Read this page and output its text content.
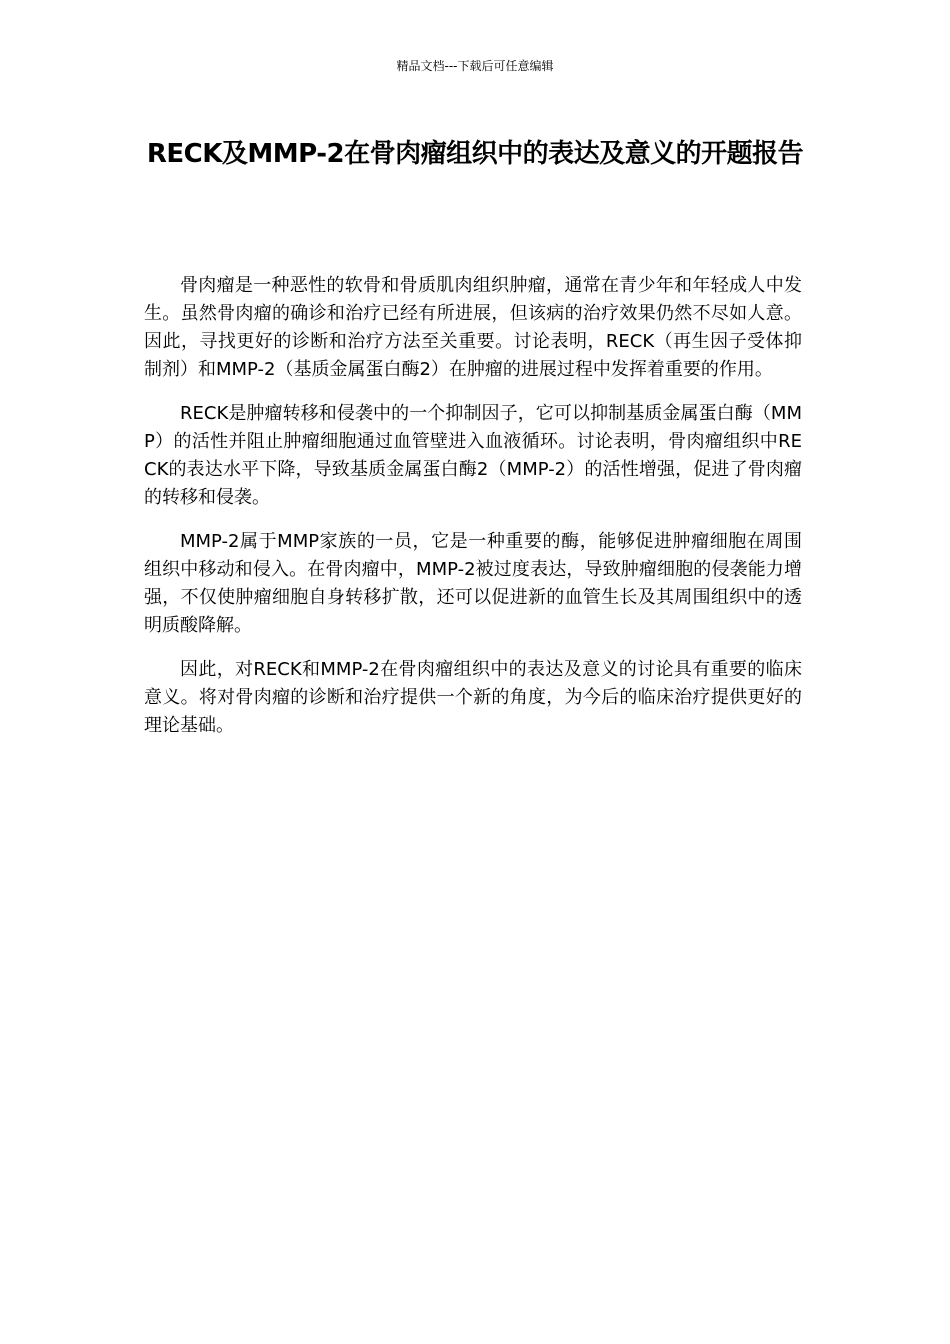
精品文档---下载后可任意编辑
RECK及MMP-2在骨肉瘤组织中的表达及意义的开题报告

骨肉瘤是一种恶性的软骨和骨质肌肉组织肿瘤，通常在青少年和年轻成人中发生。虽然骨肉瘤的确诊和治疗已经有所进展，但该病的治疗效果仍然不尽如人意。因此，寻找更好的诊断和治疗方法至关重要。讨论表明，RECK（再生因子受体抑制剂）和MMP-2（基质金属蛋白酶2）在肿瘤的进展过程中发挥着重要的作用。

RECK是肿瘤转移和侵袭中的一个抑制因子，它可以抑制基质金属蛋白酶（MMP）的活性并阻止肿瘤细胞通过血管壁进入血液循环。讨论表明，骨肉瘤组织中RECK的表达水平下降，导致基质金属蛋白酶2（MMP-2）的活性增强，促进了骨肉瘤的转移和侵袭。

MMP-2属于MMP家族的一员，它是一种重要的酶，能够促进肿瘤细胞在周围组织中移动和侵入。在骨肉瘤中，MMP-2被过度表达，导致肿瘤细胞的侵袭能力增强，不仅使肿瘤细胞自身转移扩散，还可以促进新的血管生长及其周围组织中的透明质酸降解。

因此，对RECK和MMP-2在骨肉瘤组织中的表达及意义的讨论具有重要的临床意义。将对骨肉瘤的诊断和治疗提供一个新的角度，为今后的临床治疗提供更好的理论基础。
